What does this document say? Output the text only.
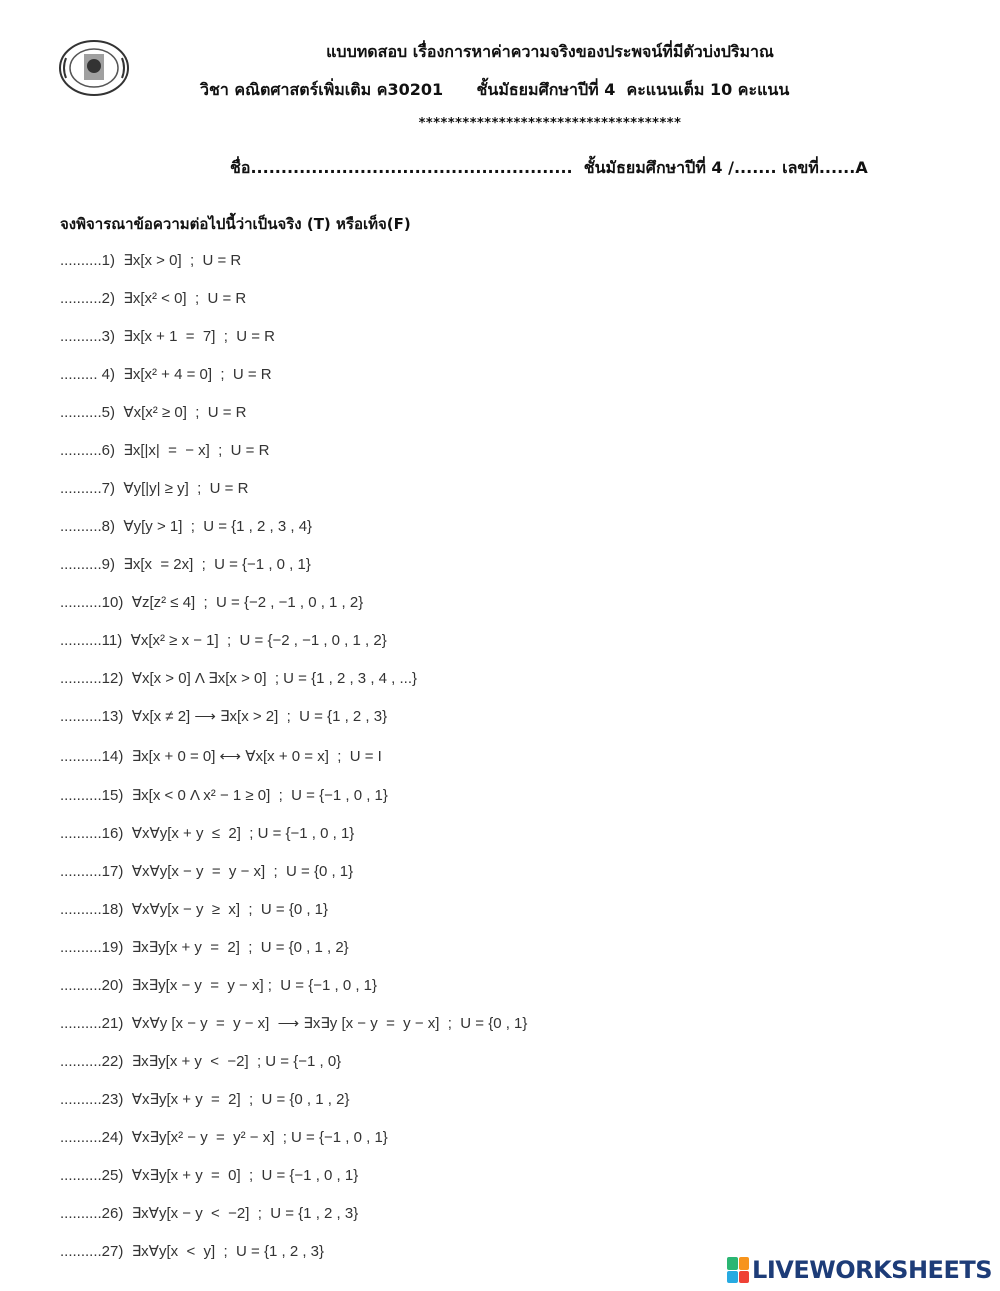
แบบทดสอบ เรื่องการหาค่าความจริงของประพจน์ที่มีตัวบ่งปริมาณ
วิชา คณิตศาสตร์เพิ่มเติม ค30201      ชั้นมัธยมศึกษาปีที่ 4  คะแนนเต็ม 10 คะแนน
************************************
ชื่อ.....................................................  ชั้นมัธยมศึกษาปีที่ 4 /....... เลขที่......A
จงพิจารณาข้อความต่อไปนี้ว่าเป็นจริง (T) หรือเท็จ(F)
..........1) ∃x[x > 0]  ;  U = R
..........2) ∃x[x² < 0]  ;  U = R
..........3) ∃x[x + 1  =  7]  ;  U = R
......... 4) ∃x[x² + 4 = 0]  ;  U = R
..........5) ∀x[x² ≥ 0]  ;  U = R
..........6) ∃x[|x|  =  − x]  ;  U = R
..........7) ∀y[|y| ≥ y]  ;  U = R
..........8) ∀y[y > 1]  ;  U = {1 , 2 , 3 , 4}
..........9) ∃x[x  = 2x]  ;  U = {−1 , 0 , 1}
..........10) ∀z[z² ≤ 4]  ;  U = {−2 , −1 , 0 , 1 , 2}
..........11) ∀x[x² ≥ x − 1]  ;  U = {−2 , −1 , 0 , 1 , 2}
..........12) ∀x[x > 0] Λ ∃x[x > 0]  ; U = {1 , 2 , 3 , 4 , ...}
..........13) ∀x[x ≠ 2] ⟶ ∃x[x > 2]  ;  U = {1 , 2 , 3}
..........14) ∃x[x + 0 = 0] ⟷ ∀x[x + 0 = x]  ;  U = I
..........15) ∃x[x < 0 Λ x² − 1 ≥ 0]  ;  U = {−1 , 0 , 1}
..........16) ∀x∀y[x + y  ≤  2]  ; U = {−1 , 0 , 1}
..........17) ∀x∀y[x − y  =  y − x]  ;  U = {0 , 1}
..........18) ∀x∀y[x − y  ≥  x]  ;  U = {0 , 1}
..........19) ∃x∃y[x + y  =  2]  ;  U = {0 , 1 , 2}
..........20) ∃x∃y[x − y  =  y − x] ;  U = {−1 , 0 , 1}
..........21) ∀x∀y [x − y  =  y − x]  ⟶ ∃x∃y [x − y  =  y − x]  ;  U = {0 , 1}
..........22) ∃x∃y[x + y  <  −2]  ; U = {−1 , 0}
..........23) ∀x∃y[x + y  =  2]  ;  U = {0 , 1 , 2}
..........24) ∀x∃y[x² − y  =  y² − x]  ; U = {−1 , 0 , 1}
..........25) ∀x∃y[x + y  =  0]  ;  U = {−1 , 0 , 1}
..........26) ∃x∀y[x − y  <  −2]  ;  U = {1 , 2 , 3}
..........27) ∃x∀y[x  <  y]  ;  U = {1 , 2 , 3}
LIVEWORKSHEETS
